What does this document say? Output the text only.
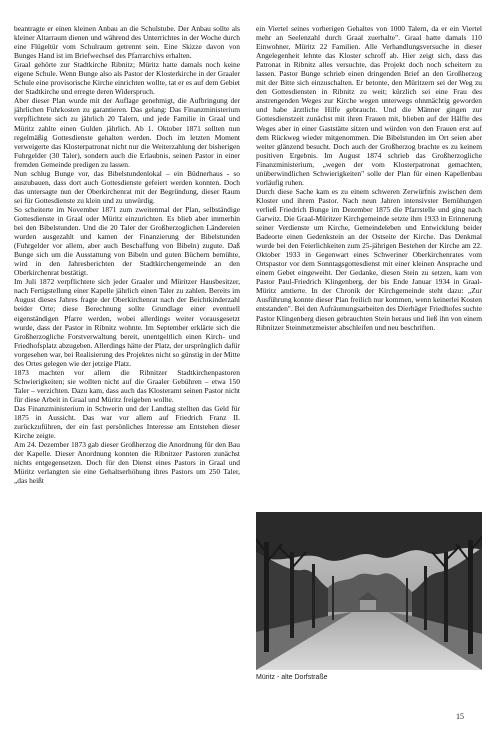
beantragte er einen kleinen Anbau an die Schulstube. Der Anbau sollte als kleiner Altarraum dienen und während des Unterrichtes in der Woche durch eine Flügeltür vom Schulraum getrennt sein. Eine Skizze davon von Bunges Hand ist im Briefwechsel des Pfarrarchivs erhalten.

Graal gehörte zur Stadtkirche Ribnitz; Müritz hatte damals noch keine eigene Schule. Wenn Bunge also als Pastor der Klosterkirche in der Graaler Schule eine provisorische Kirche einrichten wollte, tat er es auf dem Gebiet der Stadtkirche und erregte deren Widerspruch.

Aber dieser Plan wurde mit der Auflage genehmigt, die Aufbringung der jährlichen Fuhrkosten zu garantieren. Das gelang: Das Finanzministerium verpflichtete sich zu jährlich 20 Talern, und jede Familie in Graal und Müritz zahlte einen Gulden jährlich. Ab 1. Oktober 1871 sollten nun regelmäßig Gottesdienste gehalten werden. Doch im letzten Moment verweigerte das Klosterpatronat nicht nur die Weiterzahlung der bisherigen Fuhrgelder (30 Taler), sondern auch die Erlaubnis, seinen Pastor in einer fremden Gemeinde predigen zu lassen.

Nun schlug Bunge vor, das Bibelstundenlokal – ein Büdnerhaus - so auszubauen, dass dort auch Gottesdienste gefeiert werden konnten. Doch das untersagte nun der Oberkirchenrat mit der Begründung, dieser Raum sei für Gottesdienste zu klein und zu unwürdig.

So scheiterte im November 1871 zum zweitenmal der Plan, selbständige Gottesdienste in Graal oder Müritz einzurichten. Es blieb aber immerhin bei den Bibelstunden. Und die 20 Taler der Großherzoglichen Ländereien wurden ausgezahlt und kamen der Finanzierung der Bibelstunden (Fuhrgelder vor allem, aber auch Beschaffung von Bibeln) zugute. Daß Bunge sich um die Ausstattung von Bibeln und guten Büchern bemühte, wird in den Jahresberichten der Stadtkirchengemeinde an den Oberkirchenrat bestätigt.

Im Juli 1872 verpflichtete sich jeder Graaler und Müritzer Hausbesitzer, nach Fertigstellung einer Kapelle jährlich einen Taler zu zahlen. Bereits im August dieses Jahres fragte der Oberkirchenrat nach der Beichtkinderzahl beider Orte; diese Berechnung sollte Grundlage einer eventuell eigenständigen Pfarre werden, wobei allerdings weiter vorausgesetzt wurde, dass der Pastor in Ribnitz wohnte. Im September erklärte sich die Großherzogliche Forstverwaltung bereit, unentgeltlich einen Kirch- und Friedhofsplatz abzugeben. Allerdings hätte der Platz, der ursprünglich dafür vorgesehen war, bei Realisierung des Projektes nicht so günstig in der Mitte des Ortes gelegen wie der jetzige Platz.

1873 machten vor allem die Ribnitzer Stadtkirchenpastoren Schwierigkeiten; sie wollten nicht auf die Graaler Gebühren – etwa 150 Taler – verzichten. Dazu kam, dass auch das Klosteramt seinen Pastor nicht für diese Arbeit in Graal und Müritz freigeben wollte.

Das Finanzministerium in Schwerin und der Landtag stellten das Geld für 1875 in Aussicht. Das war vor allem auf Friedrich Franz II. zurückzuführen, der ein fast persönliches Interesse am Entstehen dieser Kirche zeigte.

Am 24. Dezember 1873 gab dieser Großherzog die Anordnung für den Bau der Kapelle. Dieser Anordnung konnten die Ribnitzer Pastoren zunächst nichts entgegensetzen. Doch für den Dienst eines Pastors in Graal und Müritz verlangten sie eine Gehaltserhöhung ihres Pastors um 250 Taler, „das heißt

ein Viertel seines vorherigen Gehaltes von 1000 Talern, da er ein Viertel mehr an Seelenzahl durch Graal zuerhalte". Graal hatte damals 110 Einwohner, Müritz 22 Familien. Alle Verhandlungsversuche in dieser Angelegenheit lehnte das Kloster schroff ab. Hier zeigt sich, dass das Patronat in Ribnitz alles versuchte, das Projekt doch noch scheitern zu lassen. Pastor Bunge schrieb einen dringenden Brief an den Großherzog mit der Bitte sich einzuschalten. Er betonte, den Müritzern sei der Weg zu den Gottesdiensten in Ribnitz zu weit; kürzlich sei eine Frau des anstrengenden Weges zur Kirche wegen unterwegs ohnmächtig geworden und habe ärztliche Hilfe gebraucht. Und die Männer gingen zur Gottesdienstzeit zunächst mit ihren Frauen mit, blieben auf der Hälfte des Weges aber in einer Gaststätte sitzen und würden von den Frauen erst auf dem Rückweg wieder mitgenommen. Die Bibelstunden im Ort seien aber weiter glänzend besucht. Doch auch der Großherzog brachte es zu keinem positiven Ergebnis. Im August 1874 schrieb das Großherzogliche Finanzministerium, „wegen der vom Klosterpatronat gemachten, unüberwindlichen Schwierigkeiten" solle der Plan für einen Kapellenbau vorläufig ruhen.

Durch diese Sache kam es zu einem schweren Zerwürfnis zwischen dem Kloster und ihrem Pastor. Nach neun Jahren intensivster Bemühungen verließ Friedrich Bunge im Dezember 1875 die Pfarrstelle und ging nach Garwitz. Die Graal-Müritzer Kirchgemeinde setzte ihm 1933 in Erinnerung seiner Verdienste um Kirche, Gemeindeleben und Entwicklung beider Badeorte einen Gedenkstein an der Ostseite der Kirche. Das Denkmal wurde bei den Feierlichkeiten zum 25-jährigen Bestehen der Kirche am 22. Oktober 1933 in Gegenwart eines Schweriner Oberkirchenrates vom Ortspastor vor dem Sonntagsgottesdienst mit einer kleinen Ansprache und einem Gebet eingeweiht. Der Gedanke, diesen Stein zu setzen, kam von Pastor Paul-Friedrich Klingenberg, der bis Ende Januar 1934 in Graal-Müritz amtierte. In der Chronik der Kirchgemeinde steht dazu: „Zur Ausführung konnte dieser Plan freilich nur kommen, wenn keinerlei Kosten entstanden". Bei den Aufräumungsarbeiten des Dierhäger Friedhofes suchte Pastor Klingenberg diesen gebrauchten Stein heraus und ließ ihn von einem Ribnitzer Steinmetzmeister abschleifen und neu beschriften.

Müritz - alte Dorfstraße
15
